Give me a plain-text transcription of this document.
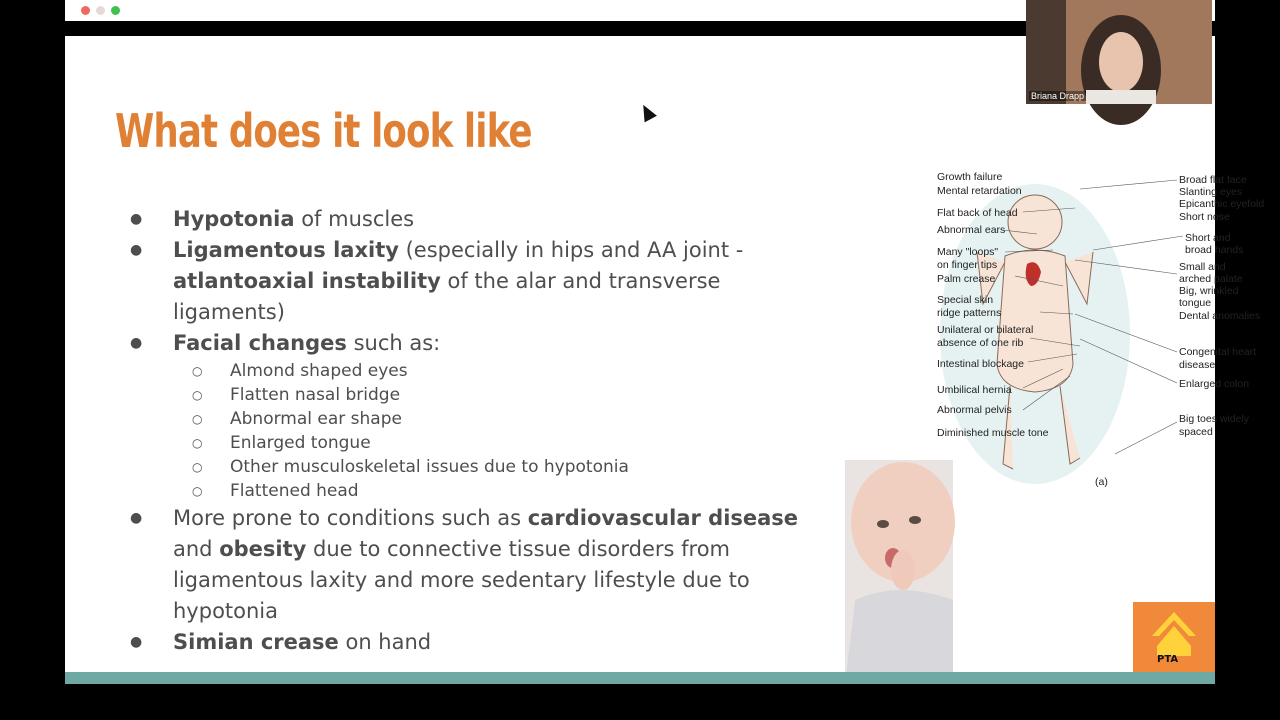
What does it look like
● Hypotonia of muscles
● Ligamentous laxity (especially in hips and AA joint - atlantoaxial instability of the alar and transverse ligaments)
● Facial changes such as:
○ Almond shaped eyes
○ Flatten nasal bridge
○ Abnormal ear shape
○ Enlarged tongue
○ Other musculoskeletal issues due to hypotonia
○ Flattened head
● More prone to conditions such as cardiovascular disease and obesity due to connective tissue disorders from ligamentous laxity and more sedentary lifestyle due to hypotonia
● Simian crease on hand
Growth failure
Mental retardation
Flat back of head
Abnormal ears
Many "loops"
on finger tips
Palm crease
Special skin
ridge patterns
Unilateral or bilateral
absence of one rib
Intestinal blockage
Umbilical hernia
Abnormal pelvis
Diminished muscle tone
Broad flat face
Slanting eyes
Epicanthic eyefold
Short nose
Short and
broad hands
Small and
arched palate
Big, wrinkled
tongue
Dental anomalies
Congenital heart
disease
Enlarged colon
Big toes widely
spaced
(a)
PTA
Briana Drapp
